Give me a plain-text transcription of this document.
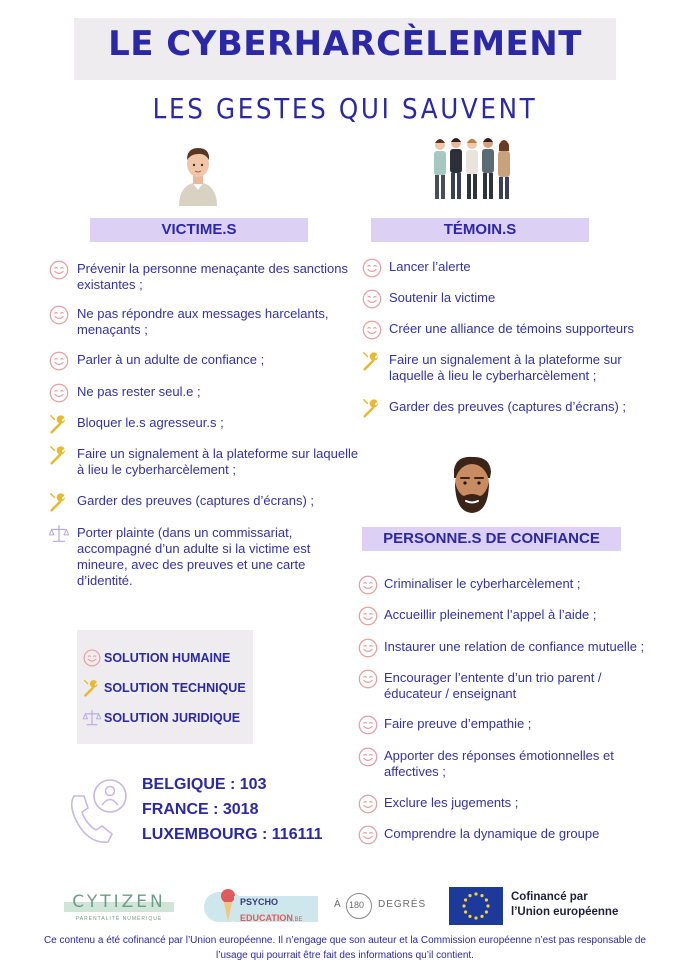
LE CYBERHARCÈLEMENT
LES GESTES QUI SAUVENT
VICTIME.S	TÉMOIN.S
PERSONNE.S DE CONFIANCE
Prévenir la personne menaçante des sanctions existantes ;
Ne pas répondre aux messages harcelants, menaçants ;
Parler à un adulte de confiance ;
Ne pas rester seul.e ;
Bloquer le.s agresseur.s ;
Faire un signalement à la plateforme sur laquelle à lieu le cyberharcèlement ;
Garder des preuves (captures d’écrans) ;
Porter plainte (dans un commissariat, accompagné d’un adulte si la victime est mineure, avec des preuves et une carte d’identité.
Lancer l’alerte
Soutenir la victime
Créer une alliance de témoins supporteurs
Faire un signalement à la plateforme sur laquelle à lieu le cyberharcèlement ;
Garder des preuves (captures d’écrans) ;
Criminaliser le cyberharcèlement ;
Accueillir pleinement l’appel à l’aide ;
Instaurer une relation de confiance mutuelle ;
Encourager l’entente d’un trio parent / éducateur / enseignant
Faire preuve d’empathie ;
Apporter des réponses émotionnelles et affectives ;
Exclure les jugements ;
Comprendre la dynamique de groupe
SOLUTION HUMAINE
SOLUTION TECHNIQUE
SOLUTION JURIDIQUE
BELGIQUE : 103
FRANCE : 3018
LUXEMBOURG : 116111
CYTIZEN
PARENTALITÉ NUMÉRIQUE
PSYCHO
EDUCATION.BE
À 180 DEGRÉS
Cofinancé par
l’Union européenne
Ce contenu a été cofinancé par l’Union européenne. Il n’engage que son auteur et la Commission européenne n’est pas responsable de
l’usage qui pourrait être fait des informations qu’il contient.
